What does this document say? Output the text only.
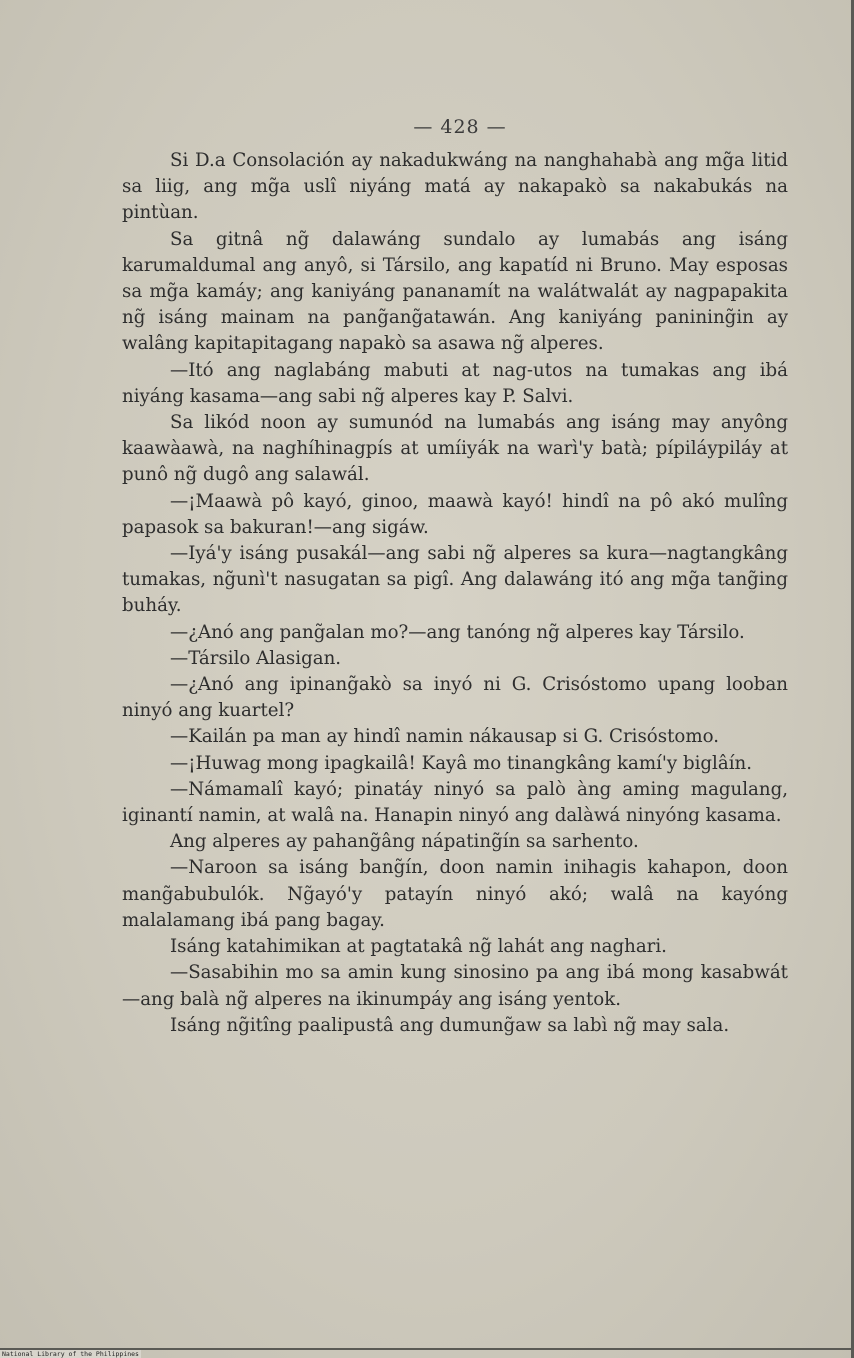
— 428 —

Si D.a Consolación ay nakadukwáng na nanghahabà ang mg̃a litid sa liig, ang mg̃a uslî niyáng matá ay nakapakò sa nakabukás na pintùan.

Sa gitnâ ng̃ dalawáng sundalo ay lumabás ang isáng karumaldumal ang anyô, si Társilo, ang kapatíd ni Bruno. May esposas sa mg̃a kamáy; ang kaniyáng pananamít na walátwalát ay nagpapakita ng̃ isáng mainam na pang̃ang̃atawán. Ang kaniyáng panining̃in ay walâng kapitapitagang napakò sa asawa ng̃ alperes.

—Itó ang naglabáng mabuti at nag-utos na tumakas ang ibá niyáng kasama—ang sabi ng̃ alperes kay P. Salvi.

Sa likód noon ay sumunód na lumabás ang isáng may anyông kaawàawà, na naghíhinagpís at umíiyák na warì'y batà; pípiláypiláy at punô ng̃ dugô ang salawál.

—¡Maawà pô kayó, ginoo, maawà kayó! hindî na pô akó mulîng papasok sa bakuran!—ang sigáw.

—Iyá'y isáng pusakál—ang sabi ng̃ alperes sa kura—nagtangkâng tumakas, ng̃unì't nasugatan sa pigî. Ang dalawáng itó ang mg̃a tang̃ing buháy.

—¿Anó ang pang̃alan mo?—ang tanóng ng̃ alperes kay Társilo.

—Társilo Alasigan.

—¿Anó ang ipinang̃akò sa inyó ni G. Crisóstomo upang looban ninyó ang kuartel?

—Kailán pa man ay hindî namin nákausap si G. Crisóstomo.

—¡Huwag mong ipagkailâ! Kayâ mo tinangkâng kamí'y biglâín.

—Námamalî kayó; pinatáy ninyó sa palò àng aming magulang, iginantí namin, at walâ na. Hanapin ninyó ang dalàwá ninyóng kasama.

Ang alperes ay pahang̃âng nápating̃ín sa sarhento.

—Naroon sa isáng bang̃ín, doon namin inihagis kahapon, doon mang̃abubulók. Ng̃ayó'y patayín ninyó akó; walâ na kayóng malalamang ibá pang bagay.

Isáng katahimikan at pagtatakâ ng̃ lahát ang naghari.

—Sasabihin mo sa amin kung sinosino pa ang ibá mong kasabwát—ang balà ng̃ alperes na ikinumpáy ang isáng yentok.

Isáng ng̃itîng paalipustâ ang dumung̃aw sa labì ng̃ may sala.

National Library of the Philippines
